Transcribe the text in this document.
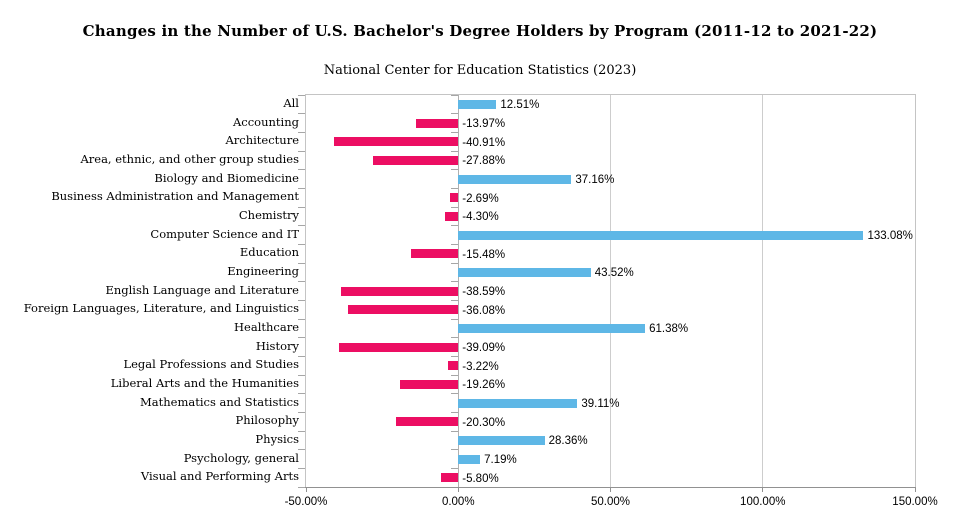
Changes in the Number of U.S. Bachelor's Degree Holders by Program (2011-12 to 2021-22)
National Center for Education Statistics (2023)
All
Accounting
Architecture
Area, ethnic, and other group studies
Biology and Biomedicine
Business Administration and Management
Chemistry
Computer Science and IT
Education
Engineering
English Language and Literature
Foreign Languages, Literature, and Linguistics
Healthcare
History
Legal Professions and Studies
Liberal Arts and the Humanities
Mathematics and Statistics
Philosophy
Physics
Psychology, general
Visual and Performing Arts
12.51%
-13.97%
-40.91%
-27.88%
37.16%
-2.69%
-4.30%
133.08%
-15.48%
43.52%
-38.59%
-36.08%
61.38%
-39.09%
-3.22%
-19.26%
39.11%
-20.30%
28.36%
7.19%
-5.80%
-50.00%	0.00%	50.00%	100.00%	150.00%
